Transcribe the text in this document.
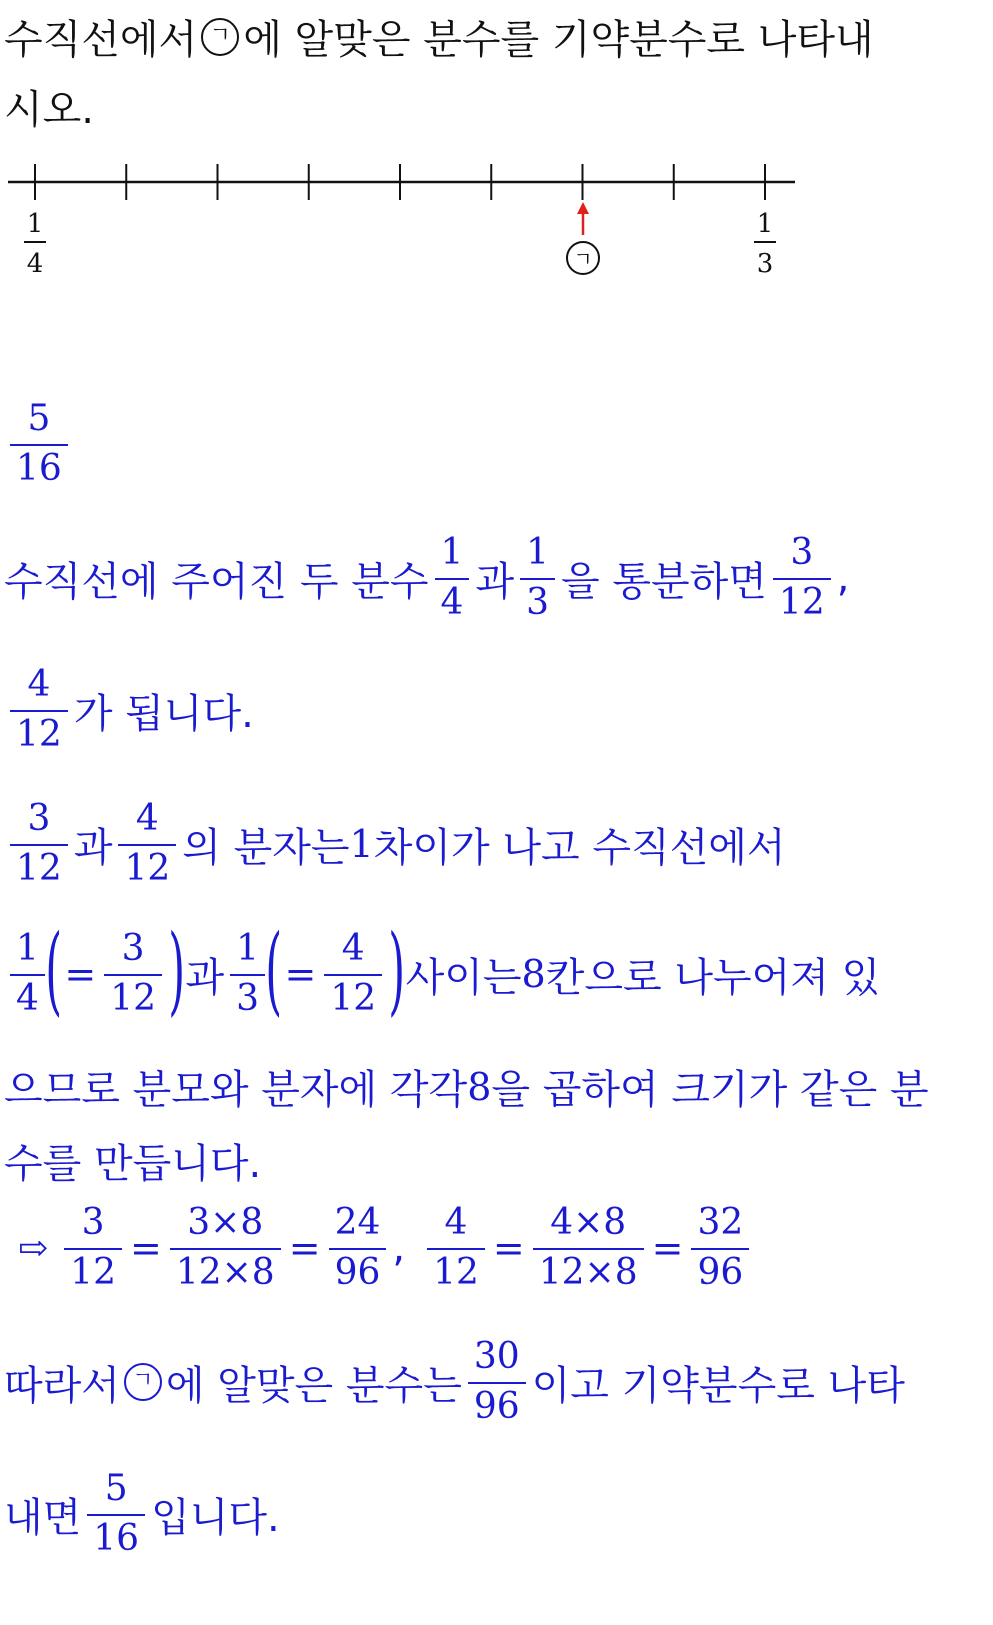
수직선에서 ㄱ 에 알맞은 분수를 기약분수로 나타내
시오.
1
4
1
3
ㄱ
$\frac{5}{16}$
수직선에 주어진 두 분수 $\frac{1}{4}$ 과 $\frac{1}{3}$ 을 통분하면 $\frac{3}{12}$ ,
$\frac{4}{12}$ 가 됩니다.
$\frac{3}{12}$ 과 $\frac{4}{12}$ 의 분자는 1 차이가 나고 수직선에서
$\frac{1}{4}$ ( = $\frac{3}{12}$ ) 과 $\frac{1}{3}$ ( = $\frac{4}{12}$ ) 사이는 8 칸으로 나누어져 있
으므로 분모와 분자에 각각 8 을 곱하여 크기가 같은 분
수를 만듭니다.
⇨ $\frac{3}{12} = \frac{3\times 8}{12\times 8} = \frac{24}{96}$ , $\frac{4}{12} = \frac{4\times 8}{12\times 8} = \frac{32}{96}$
따라서 ㄱ 에 알맞은 분수는 $\frac{30}{96}$ 이고 기약분수로 나타
내면 $\frac{5}{16}$ 입니다.
